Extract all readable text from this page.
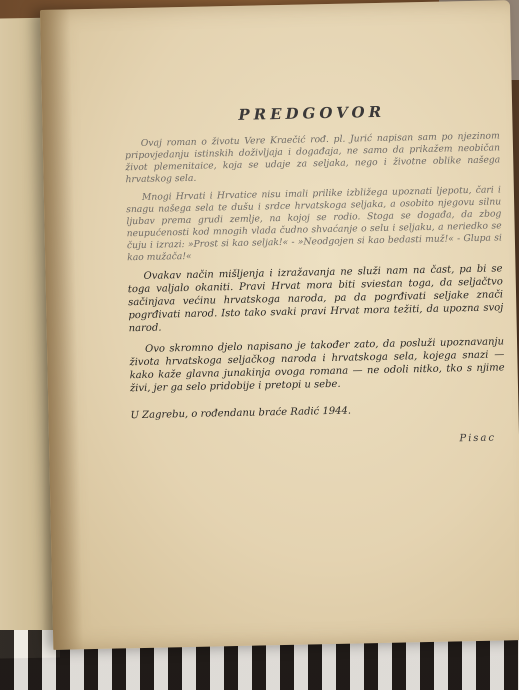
PREDGOVOR

Ovaj roman o životu Vere Kraečić rođ. pl. Jurić napisan sam po njezinom pripovjedanju istinskih doživljaja i događaja, ne samo da prikažem neobičan život plemenitaice, koja se udaje za seljaka, nego i životne oblike našega hrvatskog sela.

Mnogi Hrvati i Hrvatice nisu imali prilike izbližega upoznati ljepotu, čari i snagu našega sela te dušu i srdce hrvatskoga seljaka, a osobito njegovu silnu ljubav prema grudi zemlje, na kojoj se rodio. Stoga se događa, da zbog neupućenosti kod mnogih vlada čudno shvaćanje o selu i seljaku, a neriedko se čuju i izrazi: »Prost si kao seljak!« - »Neodgojen si kao bedasti muž!« - Glupa si kao mužača!«

Ovakav način mišljenja i izražavanja ne služi nam na čast, pa bi se toga valjalo okaniti. Pravi Hrvat mora biti sviestan toga, da seljačtvo sačinjava većinu hrvatskoga naroda, pa da pogrđivati seljake znači pogrđivati narod. Isto tako svaki pravi Hrvat mora težiti, da upozna svoj narod.

Ovo skromno djelo napisano je također zato, da posluži upoznavanju života hrvatskoga seljačkog naroda i hrvatskoga sela, kojega snazi — kako kaže glavna junakinja ovoga romana — ne odoli nitko, tko s njime živi, jer ga selo pridobije i pretopi u sebe.

U Zagrebu, o rođendanu braće Radić 1944.

Pisac
